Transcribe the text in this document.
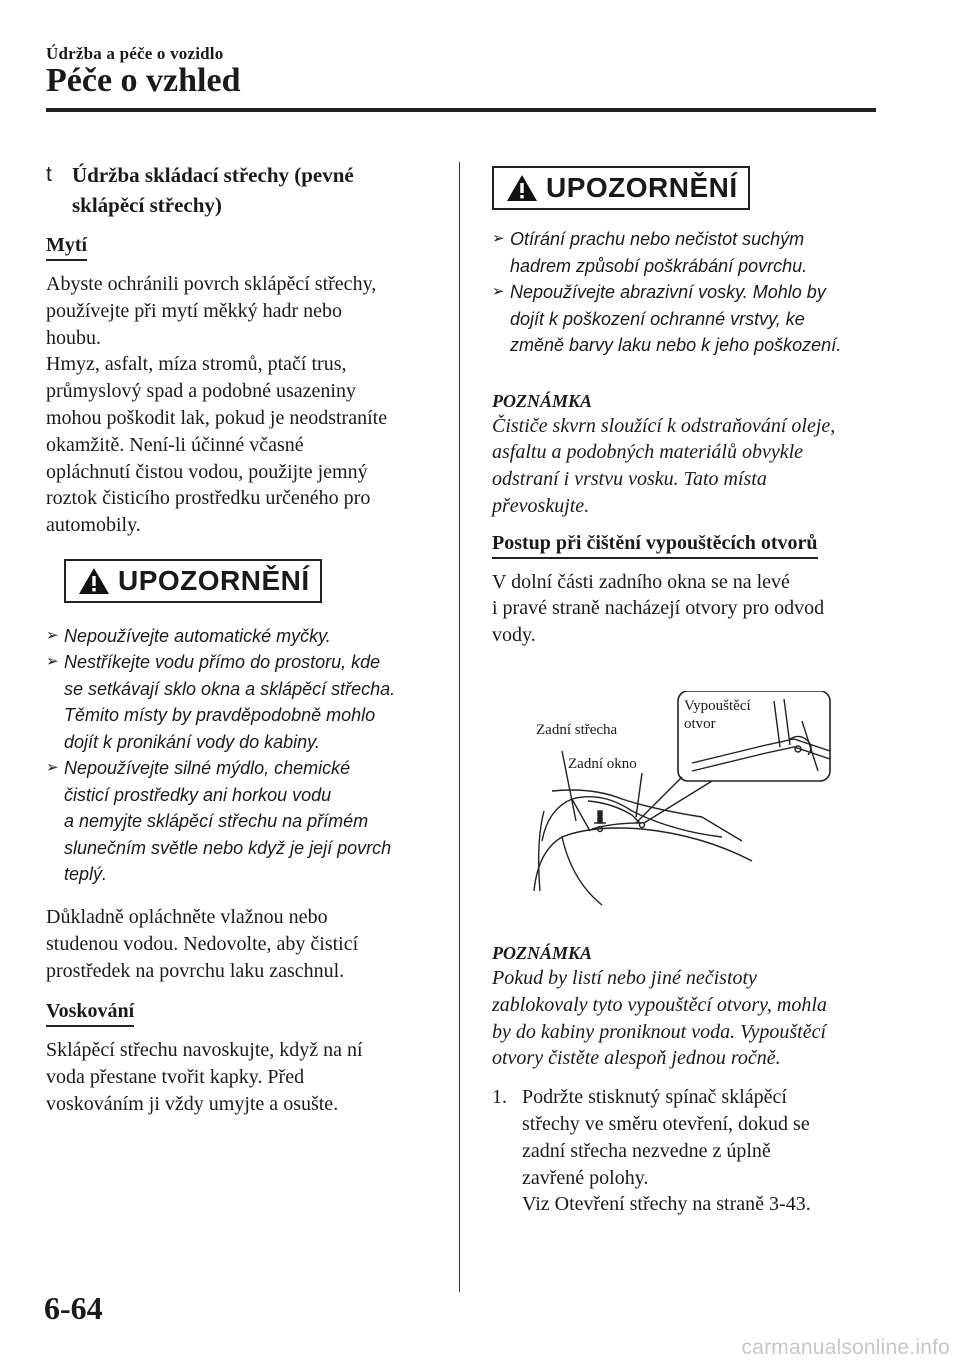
Údržba a péče o vozidlo
Péče o vzhled
t Údržba skládací střechy (pevné
sklápěcí střechy)
Mytí

Abyste ochránili povrch sklápěcí střechy,

používejte při mytí měkký hadr nebo

houbu.

Hmyz, asfalt, míza stromů, ptačí trus,

průmyslový spad a podobné usazeniny

mohou poškodit lak, pokud je neodstraníte

okamžitě. Není-li účinné včasné

opláchnutí čistou vodou, použijte jemný

roztok čisticího prostředku určeného pro

automobily.

UPOZORNĚNÍ
➢ Nepoužívejte automatické myčky.
➢ Nestříkejte vodu přímo do prostoru, kde
se setkávají sklo okna a sklápěcí střecha.
Těmito místy by pravděpodobně mohlo
dojít k pronikání vody do kabiny.
➢ Nepoužívejte silné mýdlo, chemické
čisticí prostředky ani horkou vodu
a nemyjte sklápěcí střechu na přímém
slunečním světle nebo když je její povrch
teplý.

Důkladně opláchněte vlažnou nebo

studenou vodou. Nedovolte, aby čisticí

prostředek na povrchu laku zaschnul.

Voskování

Sklápěcí střechu navoskujte, když na ní

voda přestane tvořit kapky. Před

voskováním ji vždy umyjte a osušte.

UPOZORNĚNÍ
➢ Otírání prachu nebo nečistot suchým
hadrem způsobí poškrábání povrchu.
➢ Nepoužívejte abrazivní vosky. Mohlo by
dojít k poškození ochranné vrstvy, ke
změně barvy laku nebo k jeho poškození.
POZNÁMKA

Čističe skvrn sloužící k odstraňování oleje,

asfaltu a podobných materiálů obvykle

odstraní i vrstvu vosku. Tato místa

převoskujte.

Postup při čištění vypouštěcích otvorů

V dolní části zadního okna se na levé

i pravé straně nacházejí otvory pro odvod

vody.

Zadní střecha
Zadní okno
Vypouštěcí
otvor
POZNÁMKA

Pokud by listí nebo jiné nečistoty

zablokovaly tyto vypouštěcí otvory, mohla

by do kabiny proniknout voda. Vypouštěcí

otvory čistěte alespoň jednou ročně.

1. Podržte stisknutý spínač sklápěcí
střechy ve směru otevření, dokud se
zadní střecha nezvedne z úplně
zavřené polohy.
Viz Otevření střechy na straně 3-43.
6-64
carmanualsonline.info
